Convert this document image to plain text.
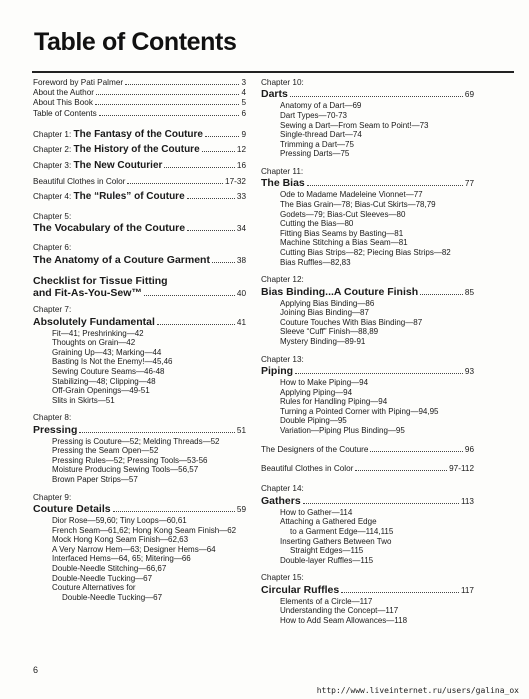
Table of Contents
Foreword by Pati Palmer	3
About the Author	4
About This Book	5
Table of Contents	6
Chapter 1: The Fantasy of the Couture	9
Chapter 2: The History of the Couture	12
Chapter 3: The New Couturier	16
Beautiful Clothes in Color	17-32
Chapter 4: The “Rules” of Couture	33
Chapter 5:
The Vocabulary of the Couture	34
Chapter 6:
The Anatomy of a Couture Garment	38
Checklist for Tissue Fitting
and Fit-As-You-Sew™	40
Chapter 7:
Absolutely Fundamental	41
Fit—41; Preshrinking—42
Thoughts on Grain—42
Graining Up—43; Marking—44
Basting Is Not the Enemy!—45,46
Sewing Couture Seams—46-48
Stabilizing—48; Clipping—48
Off-Grain Openings—49-51
Slits in Skirts—51
Chapter 8:
Pressing	51
Pressing is Couture—52; Melding Threads—52
Pressing the Seam Open—52
Pressing Rules—52; Pressing Tools—53-56
Moisture Producing Sewing Tools—56,57
Brown Paper Strips—57
Chapter 9:
Couture Details	59
Dior Rose—59,60; Tiny Loops—60,61
French Seam—61,62; Hong Kong Seam Finish—62
Mock Hong Kong Seam Finish—62,63
A Very Narrow Hem—63; Designer Hems—64
Interfaced Hems—64, 65; Mitering—66
Double-Needle Stitching—66,67
Double-Needle Tucking—67
Couture Alternatives for
Double-Needle Tucking—67
Chapter 10:
Darts	69
Anatomy of a Dart—69
Dart Types—70-73
Sewing a Dart—From Seam to Point!—73
Single-thread Dart—74
Trimming a Dart—75
Pressing Darts—75
Chapter 11:
The Bias	77
Ode to Madame Madeleine Vionnet—77
The Bias Grain—78; Bias-Cut Skirts—78,79
Godets—79; Bias-Cut Sleeves—80
Cutting the Bias—80
Fitting Bias Seams by Basting—81
Machine Stitching a Bias Seam—81
Cutting Bias Strips—82; Piecing Bias Strips—82
Bias Ruffles—82,83
Chapter 12:
Bias Binding...A Couture Finish	85
Applying Bias Binding—86
Joining Bias Binding—87
Couture Touches With Bias Binding—87
Sleeve “Cuff” Finish—88,89
Mystery Binding—89-91
Chapter 13:
Piping	93
How to Make Piping—94
Applying Piping—94
Rules for Handling Piping—94
Turning a Pointed Corner with Piping—94,95
Double Piping—95
Variation—Piping Plus Binding—95
The Designers of the Couture	96
Beautiful Clothes in Color	97-112
Chapter 14:
Gathers	113
How to Gather—114
Attaching a Gathered Edge
to a Garment Edge—114,115
Inserting Gathers Between Two
Straight Edges—115
Double-layer Ruffles—115
Chapter 15:
Circular Ruffles	117
Elements of a Circle—117
Understanding the Concept—117
How to Add Seam Allowances—118
6
http://www.liveinternet.ru/users/galina_ox
